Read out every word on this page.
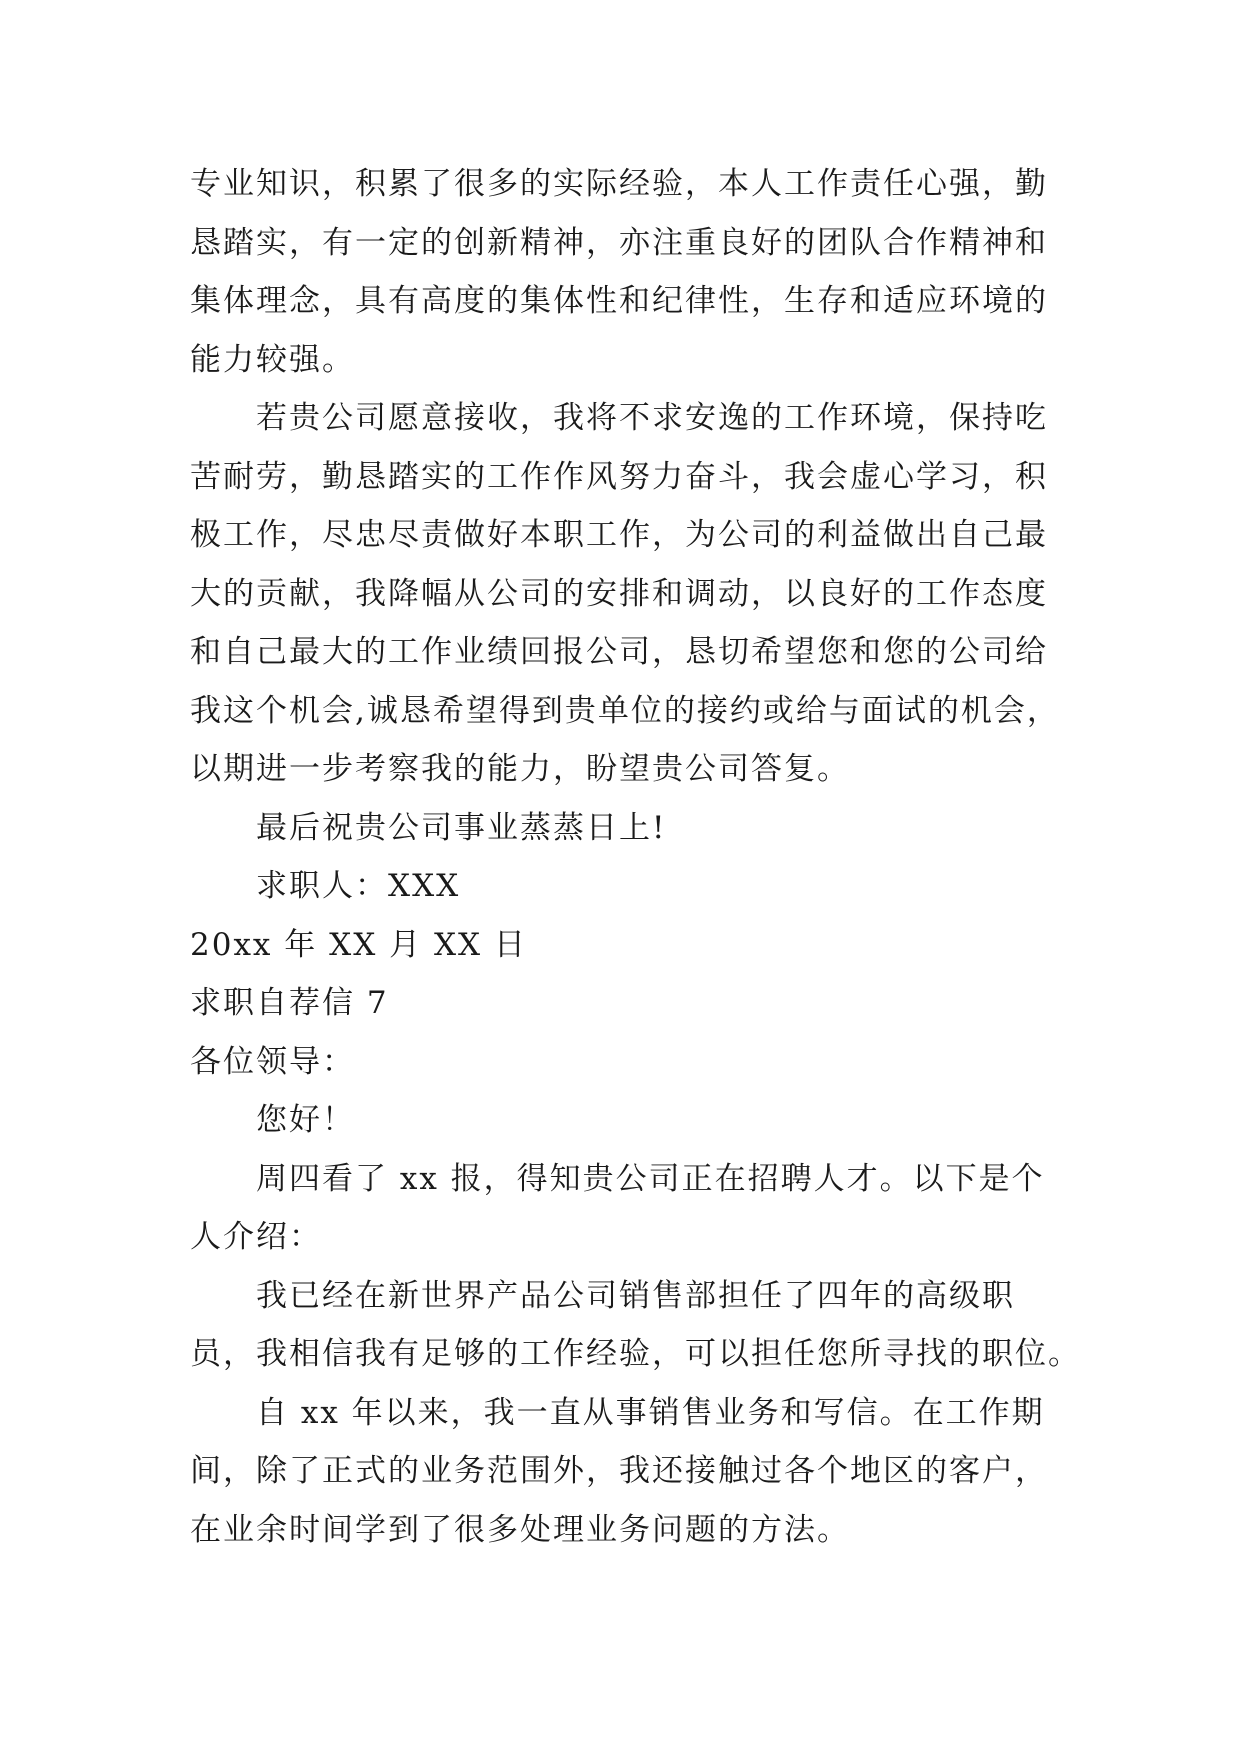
专业知识，积累了很多的实际经验，本人工作责任心强，勤
恳踏实，有一定的创新精神，亦注重良好的团队合作精神和
集体理念，具有高度的集体性和纪律性，生存和适应环境的
能力较强。
若贵公司愿意接收，我将不求安逸的工作环境，保持吃
苦耐劳，勤恳踏实的工作作风努力奋斗，我会虚心学习，积
极工作，尽忠尽责做好本职工作，为公司的利益做出自己最
大的贡献，我降幅从公司的安排和调动，以良好的工作态度
和自己最大的工作业绩回报公司，恳切希望您和您的公司给
我这个机会,诚恳希望得到贵单位的接约或给与面试的机会，
以期进一步考察我的能力，盼望贵公司答复。
最后祝贵公司事业蒸蒸日上!
求职人：XXX
20xx 年 XX 月 XX 日
求职自荐信 7
各位领导：
您好！
周四看了 xx 报，得知贵公司正在招聘人才。以下是个
人介绍：
我已经在新世界产品公司销售部担任了四年的高级职
员，我相信我有足够的工作经验，可以担任您所寻找的职位。
自 xx 年以来，我一直从事销售业务和写信。在工作期
间，除了正式的业务范围外，我还接触过各个地区的客户，
在业余时间学到了很多处理业务问题的方法。
